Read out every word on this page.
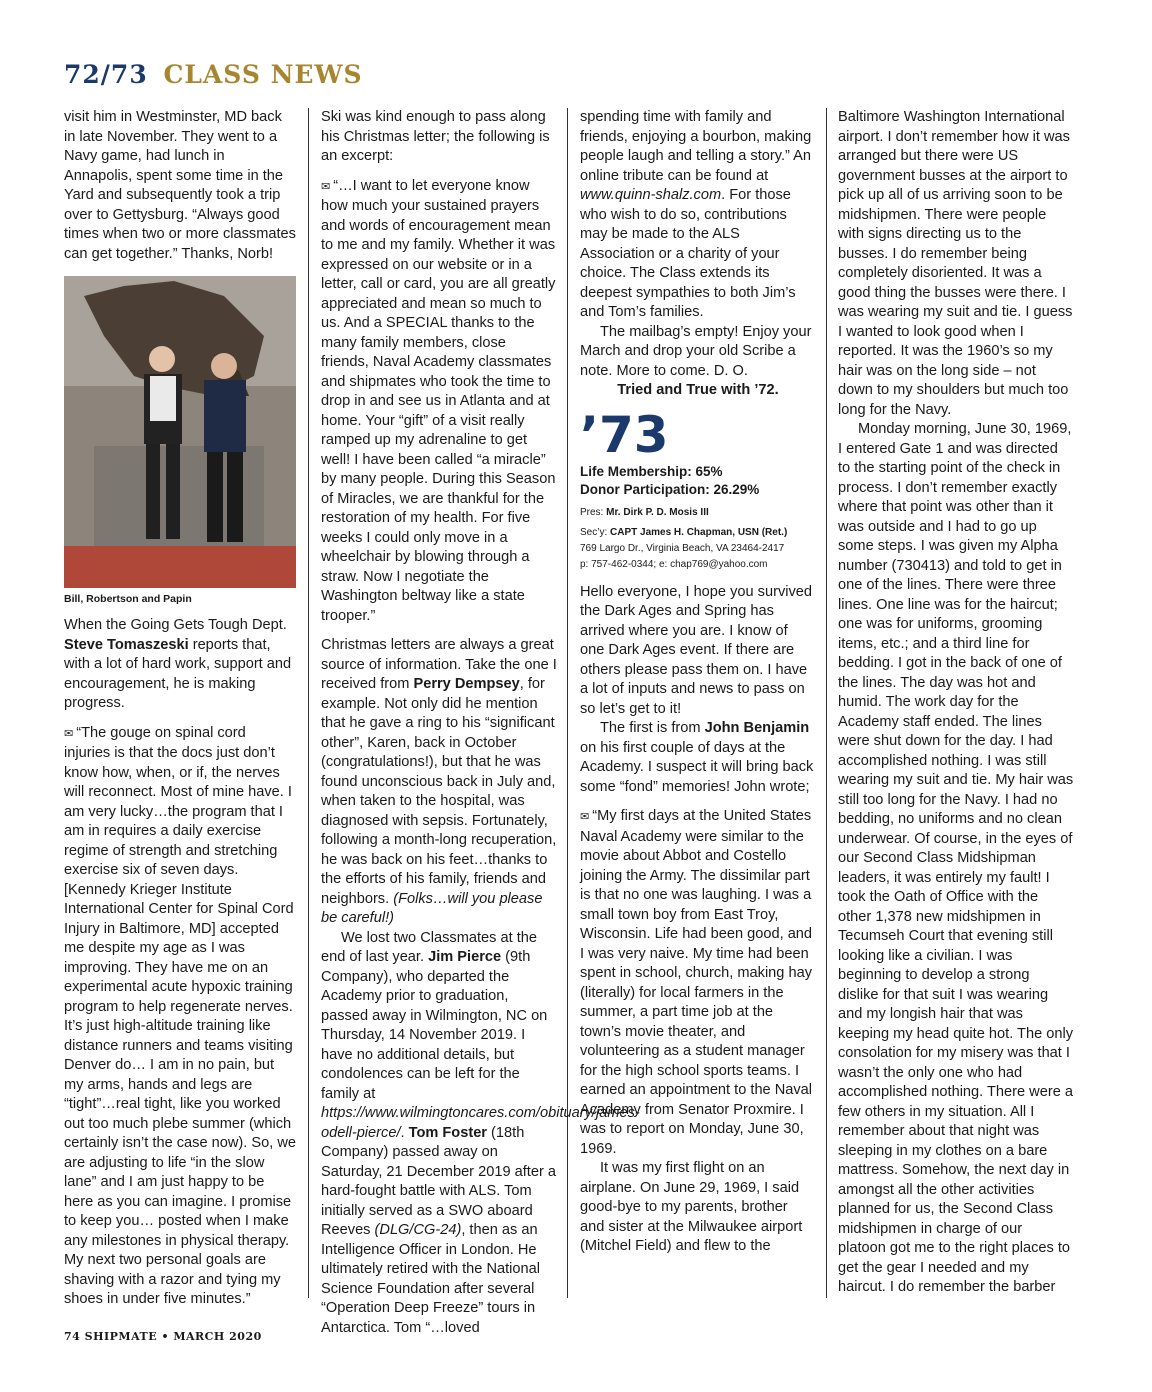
72/73 CLASS NEWS

visit him in Westminster, MD back in late November. They went to a Navy game, had lunch in Annapolis, spent some time in the Yard and subsequently took a trip over to Gettysburg. “Always good times when two or more classmates can get together.” Thanks, Norb!

Bill, Robertson and Papin

When the Going Gets Tough Dept. Steve Tomaszeski reports that, with a lot of hard work, support and encouragement, he is making progress.

✉ “The gouge on spinal cord injuries is that the docs just don’t know how, when, or if, the nerves will reconnect. Most of mine have. I am very lucky…the program that I am in requires a daily exercise regime of strength and stretching exercise six of seven days. [Kennedy Krieger Institute International Center for Spinal Cord Injury in Baltimore, MD] accepted me despite my age as I was improving. They have me on an experimental acute hypoxic training program to help regenerate nerves. It’s just high-altitude training like distance runners and teams visiting Denver do… I am in no pain, but my arms, hands and legs are “tight”…real tight, like you worked out too much plebe summer (which certainly isn’t the case now). So, we are adjusting to life “in the slow lane” and I am just happy to be here as you can imagine. I promise to keep you… posted when I make any milestones in physical therapy. My next two personal goals are shaving with a razor and tying my shoes in under five minutes.”

Ski was kind enough to pass along his Christmas letter; the following is an excerpt:

✉ “…I want to let everyone know how much your sustained prayers and words of encouragement mean to me and my family. Whether it was expressed on our website or in a letter, call or card, you are all greatly appreciated and mean so much to us. And a SPECIAL thanks to the many family members, close friends, Naval Academy classmates and shipmates who took the time to drop in and see us in Atlanta and at home. Your “gift” of a visit really ramped up my adrenaline to get well! I have been called “a miracle” by many people. During this Season of Miracles, we are thankful for the restoration of my health. For five weeks I could only move in a wheelchair by blowing through a straw. Now I negotiate the Washington beltway like a state trooper.”

Christmas letters are always a great source of information. Take the one I received from Perry Dempsey, for example. Not only did he mention that he gave a ring to his “significant other”, Karen, back in October (congratulations!), but that he was found unconscious back in July and, when taken to the hospital, was diagnosed with sepsis. Fortunately, following a month-long recuperation, he was back on his feet…thanks to the efforts of his family, friends and neighbors. (Folks…will you please be careful!)

We lost two Classmates at the end of last year. Jim Pierce (9th Company), who departed the Academy prior to graduation, passed away in Wilmington, NC on Thursday, 14 November 2019. I have no additional details, but condolences can be left for the family at https://www.wilmingtoncares.com/obituary/james-odell-pierce/. Tom Foster (18th Company) passed away on Saturday, 21 December 2019 after a hard-fought battle with ALS. Tom initially served as a SWO aboard Reeves (DLG/CG-24), then as an Intelligence Officer in London. He ultimately retired with the National Science Foundation after several “Operation Deep Freeze” tours in Antarctica. Tom “…loved

spending time with family and friends, enjoying a bourbon, making people laugh and telling a story.” An online tribute can be found at www.quinn-shalz.com. For those who wish to do so, contributions may be made to the ALS Association or a charity of your choice. The Class extends its deepest sympathies to both Jim’s and Tom’s families.

The mailbag’s empty! Enjoy your March and drop your old Scribe a note. More to come. D. O.

Tried and True with ’72.

’73
Life Membership: 65%
Donor Participation: 26.29%
Pres: Mr. Dirk P. D. Mosis III
Sec’y: CAPT James H. Chapman, USN (Ret.)
769 Largo Dr., Virginia Beach, VA 23464-2417
p: 757-462-0344; e: chap769@yahoo.com

Hello everyone, I hope you survived the Dark Ages and Spring has arrived where you are. I know of one Dark Ages event. If there are others please pass them on. I have a lot of inputs and news to pass on so let’s get to it!

The first is from John Benjamin on his first couple of days at the Academy. I suspect it will bring back some “fond” memories! John wrote;

✉ “My first days at the United States Naval Academy were similar to the movie about Abbot and Costello joining the Army. The dissimilar part is that no one was laughing. I was a small town boy from East Troy, Wisconsin. Life had been good, and I was very naive. My time had been spent in school, church, making hay (literally) for local farmers in the summer, a part time job at the town’s movie theater, and volunteering as a student manager for the high school sports teams. I earned an appointment to the Naval Academy from Senator Proxmire. I was to report on Monday, June 30, 1969.

It was my first flight on an airplane. On June 29, 1969, I said good-bye to my parents, brother and sister at the Milwaukee airport (Mitchel Field) and flew to the

Baltimore Washington International airport. I don’t remember how it was arranged but there were US government busses at the airport to pick up all of us arriving soon to be midshipmen. There were people with signs directing us to the busses. I do remember being completely disoriented. It was a good thing the busses were there. I was wearing my suit and tie. I guess I wanted to look good when I reported. It was the 1960’s so my hair was on the long side – not down to my shoulders but much too long for the Navy.

Monday morning, June 30, 1969, I entered Gate 1 and was directed to the starting point of the check in process. I don’t remember exactly where that point was other than it was outside and I had to go up some steps. I was given my Alpha number (730413) and told to get in one of the lines. There were three lines. One line was for the haircut; one was for uniforms, grooming items, etc.; and a third line for bedding. I got in the back of one of the lines. The day was hot and humid. The work day for the Academy staff ended. The lines were shut down for the day. I had accomplished nothing. I was still wearing my suit and tie. My hair was still too long for the Navy. I had no bedding, no uniforms and no clean underwear. Of course, in the eyes of our Second Class Midshipman leaders, it was entirely my fault! I took the Oath of Office with the other 1,378 new midshipmen in Tecumseh Court that evening still looking like a civilian. I was beginning to develop a strong dislike for that suit I was wearing and my longish hair that was keeping my head quite hot. The only consolation for my misery was that I wasn’t the only one who had accomplished nothing. There were a few others in my situation. All I remember about that night was sleeping in my clothes on a bare mattress. Somehow, the next day in amongst all the other activities planned for us, the Second Class midshipmen in charge of our platoon got me to the right places to get the gear I needed and my haircut. I do remember the barber

74 SHIPMATE • MARCH 2020
